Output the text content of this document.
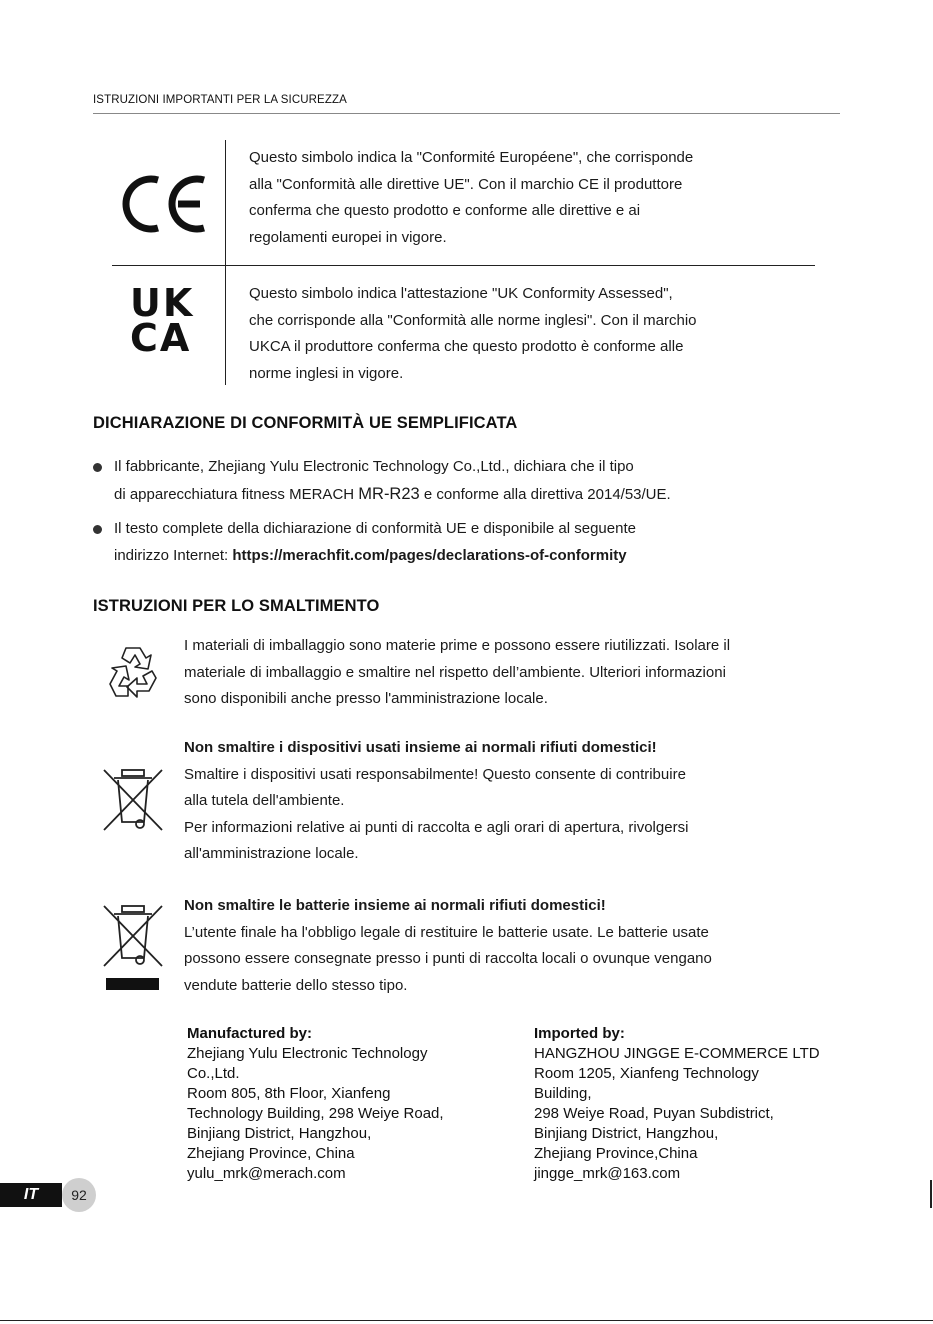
ISTRUZIONI IMPORTANTI PER LA SICUREZZA
UK
CA
Questo simbolo indica la "Conformité Européene", che corrisponde
alla "Conformità alle direttive UE". Con il marchio CE il produttore
conferma che questo prodotto e conforme alle direttive e ai
regolamenti europei in vigore.
Questo simbolo indica l'attestazione "UK Conformity Assessed",
che corrisponde alla "Conformità alle norme inglesi". Con il marchio
UKCA il produttore conferma che questo prodotto è conforme alle
norme inglesi in vigore.
DICHIARAZIONE DI CONFORMITÀ UE SEMPLIFICATA
Il fabbricante, Zhejiang Yulu Electronic Technology Co.,Ltd., dichiara che il tipo
di apparecchiatura fitness MERACH MR-R23 e conforme alla direttiva 2014/53/UE.
Il testo complete della dichiarazione di conformità UE e disponibile al seguente
indirizzo Internet: https://merachfit.com/pages/declarations-of-conformity
ISTRUZIONI PER LO SMALTIMENTO
I materiali di imballaggio sono materie prime e possono essere riutilizzati. Isolare il
materiale di imballaggio e smaltire nel rispetto dell’ambiente. Ulteriori informazioni
sono disponibili anche presso l'amministrazione locale.
Non smaltire i dispositivi usati insieme ai normali rifiuti domestici!
Smaltire i dispositivi usati responsabilmente! Questo consente di contribuire
alla tutela dell'ambiente.
Per informazioni relative ai punti di raccolta e agli orari di apertura, rivolgersi
all'amministrazione locale.
Non smaltire le batterie insieme ai normali rifiuti domestici!
L’utente finale ha l'obbligo legale di restituire le batterie usate. Le batterie usate
possono essere consegnate presso i punti di raccolta locali o ovunque vengano
vendute batterie dello stesso tipo.
Manufactured by:
Zhejiang Yulu Electronic Technology
Co.,Ltd.
Room 805, 8th Floor, Xianfeng
Technology Building, 298 Weiye Road,
Binjiang District, Hangzhou,
Zhejiang Province, China
yulu_mrk@merach.com
Imported by:
HANGZHOU JINGGE E-COMMERCE LTD
Room 1205, Xianfeng Technology
Building,
298 Weiye Road, Puyan Subdistrict,
Binjiang District, Hangzhou,
Zhejiang Province,China
jingge_mrk@163.com
IT	92
